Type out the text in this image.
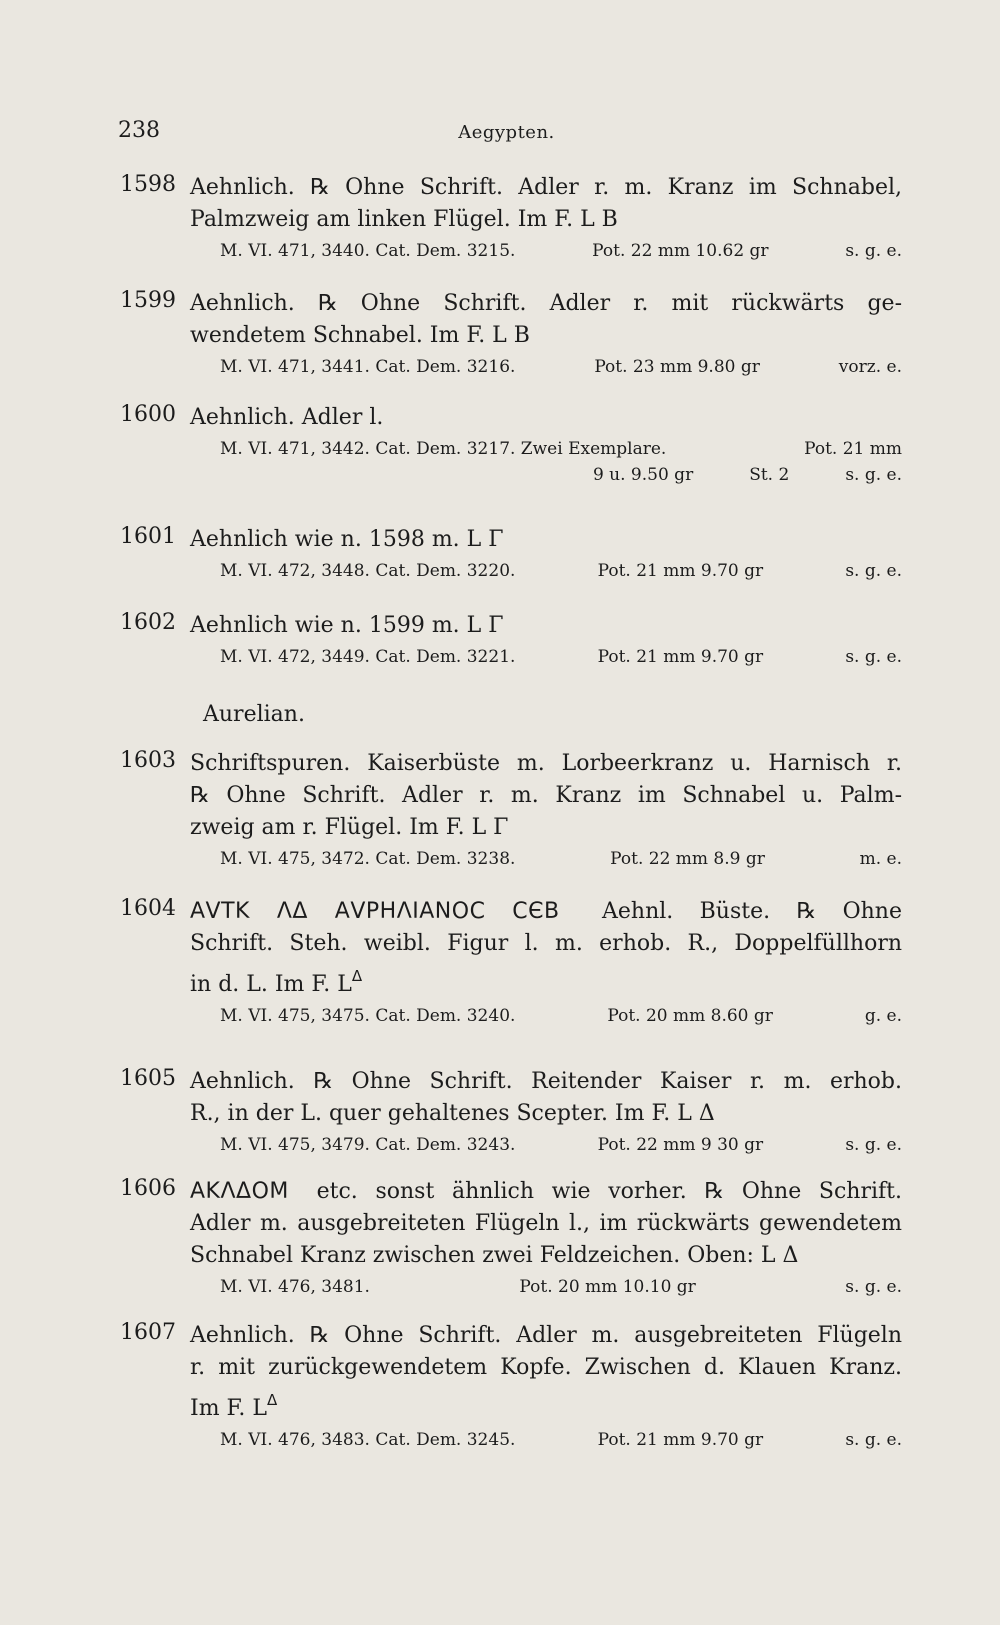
238	Aegypten.
1598 Aehnlich. ℞ Ohne Schrift. Adler r. m. Kranz im Schnabel,
Palmzweig am linken Flügel. Im F. L B
M. VI. 471, 3440. Cat. Dem. 3215.	Pot. 22 mm 10.62 gr	s. g. e.
1599 Aehnlich. ℞ Ohne Schrift. Adler r. mit rückwärts ge-
wendetem Schnabel. Im F. L B
M. VI. 471, 3441. Cat. Dem. 3216.	Pot. 23 mm 9.80 gr	vorz. e.
1600 Aehnlich. Adler l.
M. VI. 471, 3442. Cat. Dem. 3217. Zwei Exemplare.	Pot. 21 mm
9 u. 9.50 gr	St. 2	s. g. e.
1601 Aehnlich wie n. 1598 m. L Γ
M. VI. 472, 3448. Cat. Dem. 3220.	Pot. 21 mm 9.70 gr	s. g. e.
1602 Aehnlich wie n. 1599 m. L Γ
M. VI. 472, 3449. Cat. Dem. 3221.	Pot. 21 mm 9.70 gr	s. g. e.
Aurelian.
1603 Schriftspuren. Kaiserbüste m. Lorbeerkranz u. Harnisch r.
℞ Ohne Schrift. Adler r. m. Kranz im Schnabel u. Palm-
zweig am r. Flügel. Im F. L Γ
M. VI. 475, 3472. Cat. Dem. 3238.	Pot. 22 mm 8.9 gr	m. e.
1604 ΑVΤΚ ΛΔ ΑVΡΗΛΙΑΝΟϹ ϹЄΒ Aehnl. Büste. ℞ Ohne
Schrift. Steh. weibl. Figur l. m. erhob. R., Doppelfüllhorn
in d. L. Im F. $L^\Delta$
M. VI. 475, 3475. Cat. Dem. 3240.	Pot. 20 mm 8.60 gr	g. e.
1605 Aehnlich. ℞ Ohne Schrift. Reitender Kaiser r. m. erhob.
R., in der L. quer gehaltenes Scepter. Im F. L Δ
M. VI. 475, 3479. Cat. Dem. 3243.	Pot. 22 mm 9 30 gr	s. g. e.
1606 ΑΚΛΔΟΜ etc. sonst ähnlich wie vorher. ℞ Ohne Schrift.
Adler m. ausgebreiteten Flügeln l., im rückwärts gewendetem
Schnabel Kranz zwischen zwei Feldzeichen. Oben: L Δ
M. VI. 476, 3481.	Pot. 20 mm 10.10 gr	s. g. e.
1607 Aehnlich. ℞ Ohne Schrift. Adler m. ausgebreiteten Flügeln
r. mit zurückgewendetem Kopfe. Zwischen d. Klauen Kranz.
Im F. $L^\Delta$
M. VI. 476, 3483. Cat. Dem. 3245.	Pot. 21 mm 9.70 gr	s. g. e.
